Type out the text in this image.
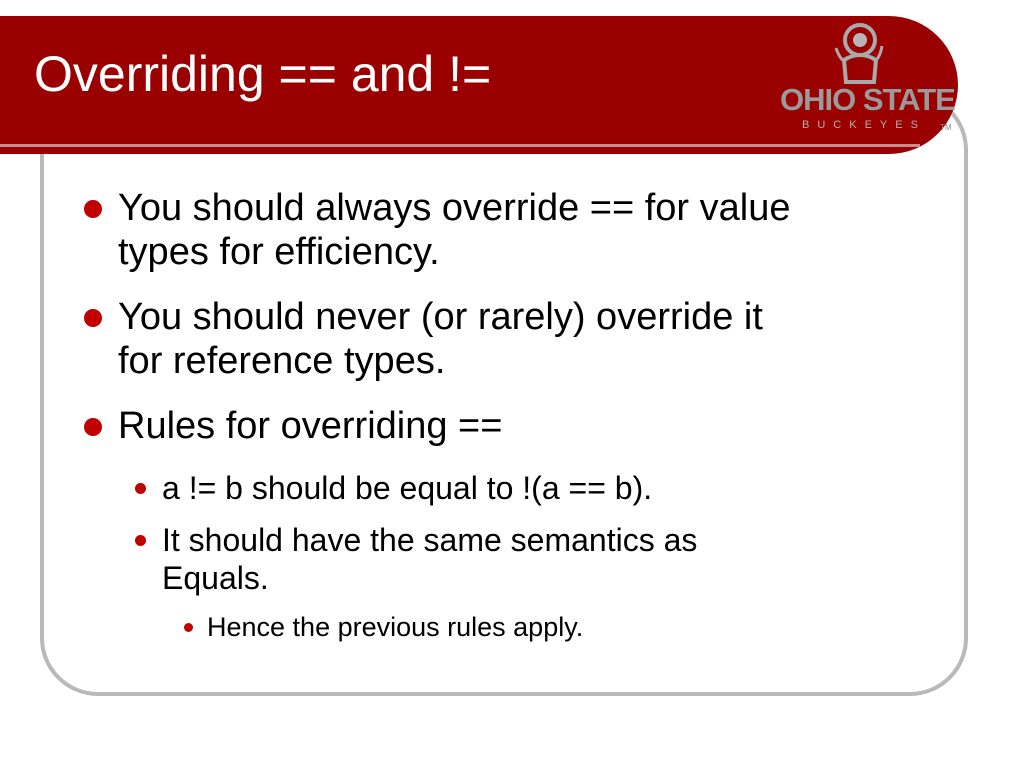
Overriding == and !=	OHIO STATE
BUCKEYES	TM
You should always override == for value
types for efficiency.
You should never (or rarely) override it
for reference types.
Rules for overriding ==
a != b should be equal to !(a == b).
It should have the same semantics as
Equals.
Hence the previous rules apply.
